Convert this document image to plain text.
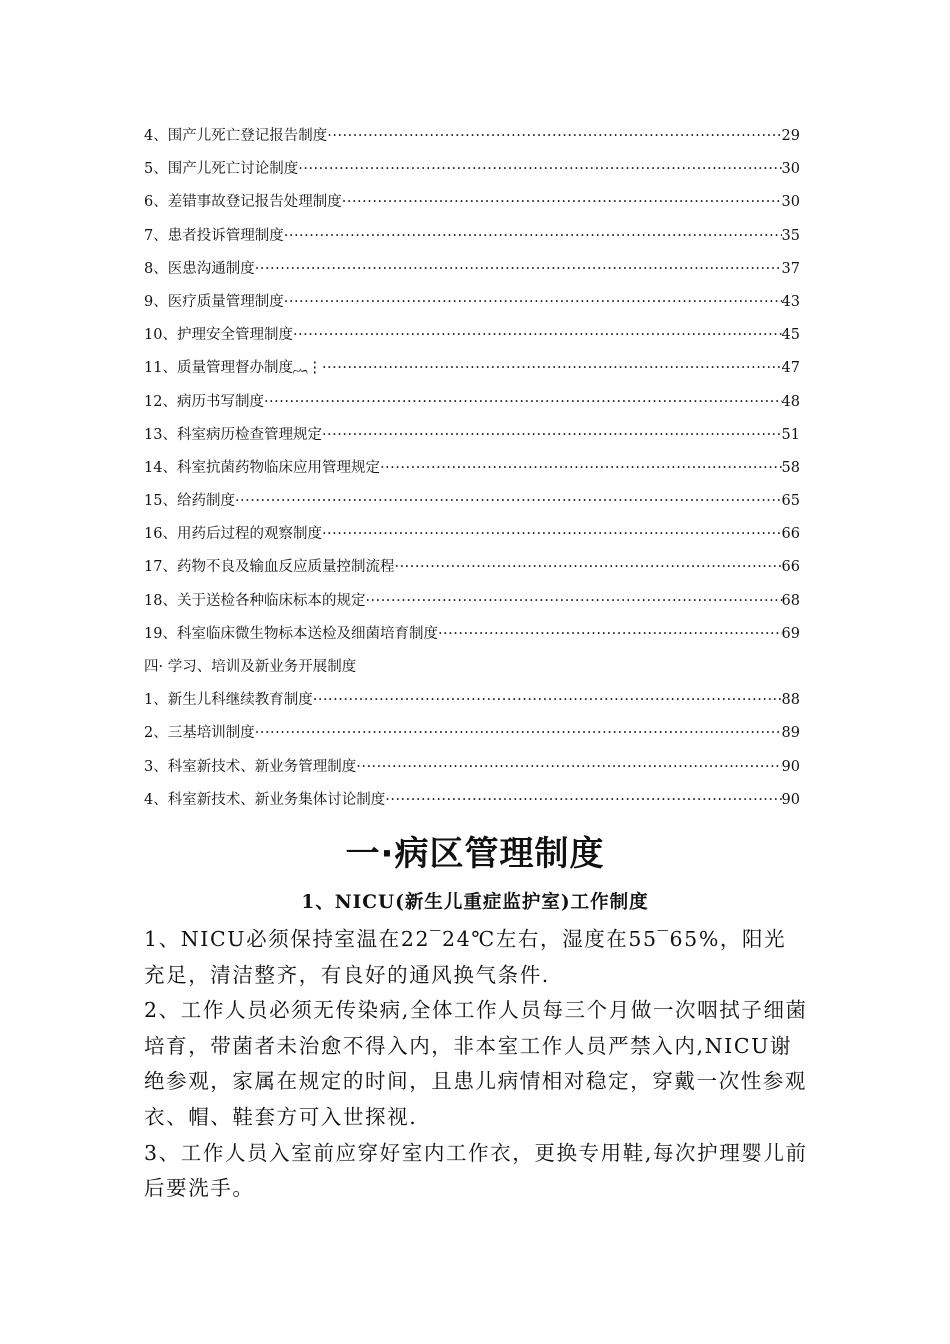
4、围产儿死亡登记报告制度 ·····	29
5、围产儿死亡讨论制度 ·····	30
6、差错事故登记报告处理制度 ·····	30
7、患者投诉管理制度 ·····	35
8、医患沟通制度 ·····	37
9、医疗质量管理制度 ·····	43
10、护理安全管理制度 ·····	45
11、质量管理督办制度︷⋮ ·····	47
12、病历书写制度 ·····	48
13、科室病历检查管理规定 ·····	51
14、科室抗菌药物临床应用管理规定 ·····	58
15、给药制度 ·····	65
16、用药后过程的观察制度 ·····	66
17、药物不良及输血反应质量控制流程 ·····	66
18、关于送检各种临床标本的规定 ·····	68
19、科室临床微生物标本送检及细菌培育制度 ·····	69
四· 学习、培训及新业务开展制度
1、新生儿科继续教育制度 ·····	88
2、三基培训制度 ·····	89
3、科室新技术、新业务管理制度 ·····	90
4、科室新技术、新业务集体讨论制度 ·····	90
一·病区管理制度
1、NICU(新生儿重症监护室)工作制度

1、NICU必须保持室温在22‾24℃左右，湿度在55‾65%，阳光充足，清洁整齐，有良好的通风换气条件.

2、工作人员必须无传染病,全体工作人员每三个月做一次咽拭子细菌培育，带菌者未治愈不得入内，非本室工作人员严禁入内,NICU谢绝参观，家属在规定的时间，且患儿病情相对稳定，穿戴一次性参观衣、帽、鞋套方可入世探视.

3、工作人员入室前应穿好室内工作衣，更换专用鞋,每次护理婴儿前后要洗手。
